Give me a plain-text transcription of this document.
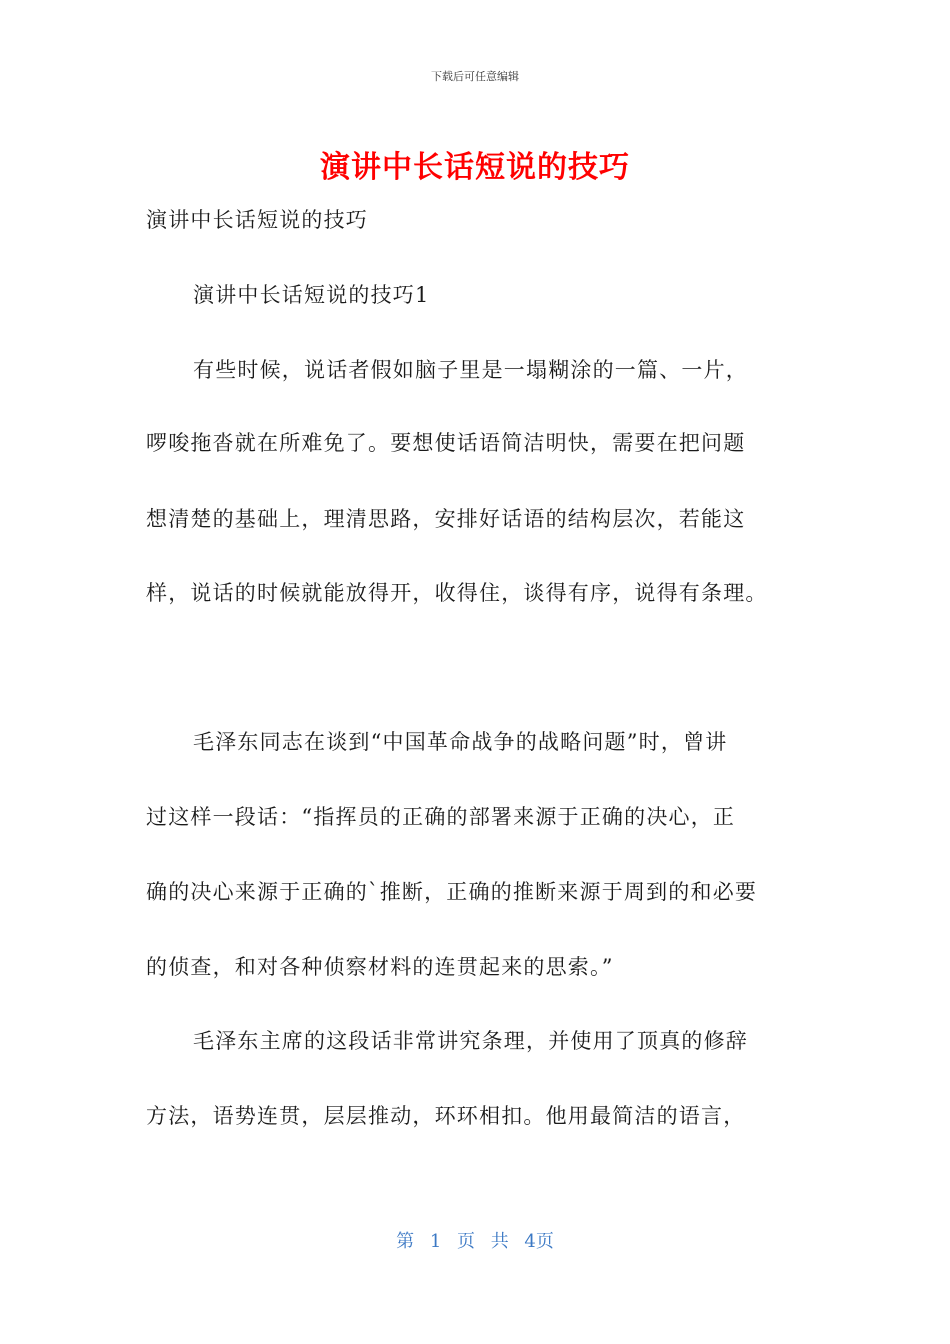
下载后可任意编辑
演讲中长话短说的技巧
演讲中长话短说的技巧
演讲中长话短说的技巧1
有些时候，说话者假如脑子里是一塌糊涂的一篇、一片，
啰唆拖沓就在所难免了。要想使话语简洁明快，需要在把问题
想清楚的基础上，理清思路，安排好话语的结构层次，若能这
样，说话的时候就能放得开，收得住，谈得有序，说得有条理。
毛泽东同志在谈到“中国革命战争的战略问题”时，曾讲
过这样一段话：“指挥员的正确的部署来源于正确的决心，正
确的决心来源于正确的`推断，正确的推断来源于周到的和必要
的侦查，和对各种侦察材料的连贯起来的思索。”
毛泽东主席的这段话非常讲究条理，并使用了顶真的修辞
方法，语势连贯，层层推动，环环相扣。他用最简洁的语言，
第 1 页 共 4页
